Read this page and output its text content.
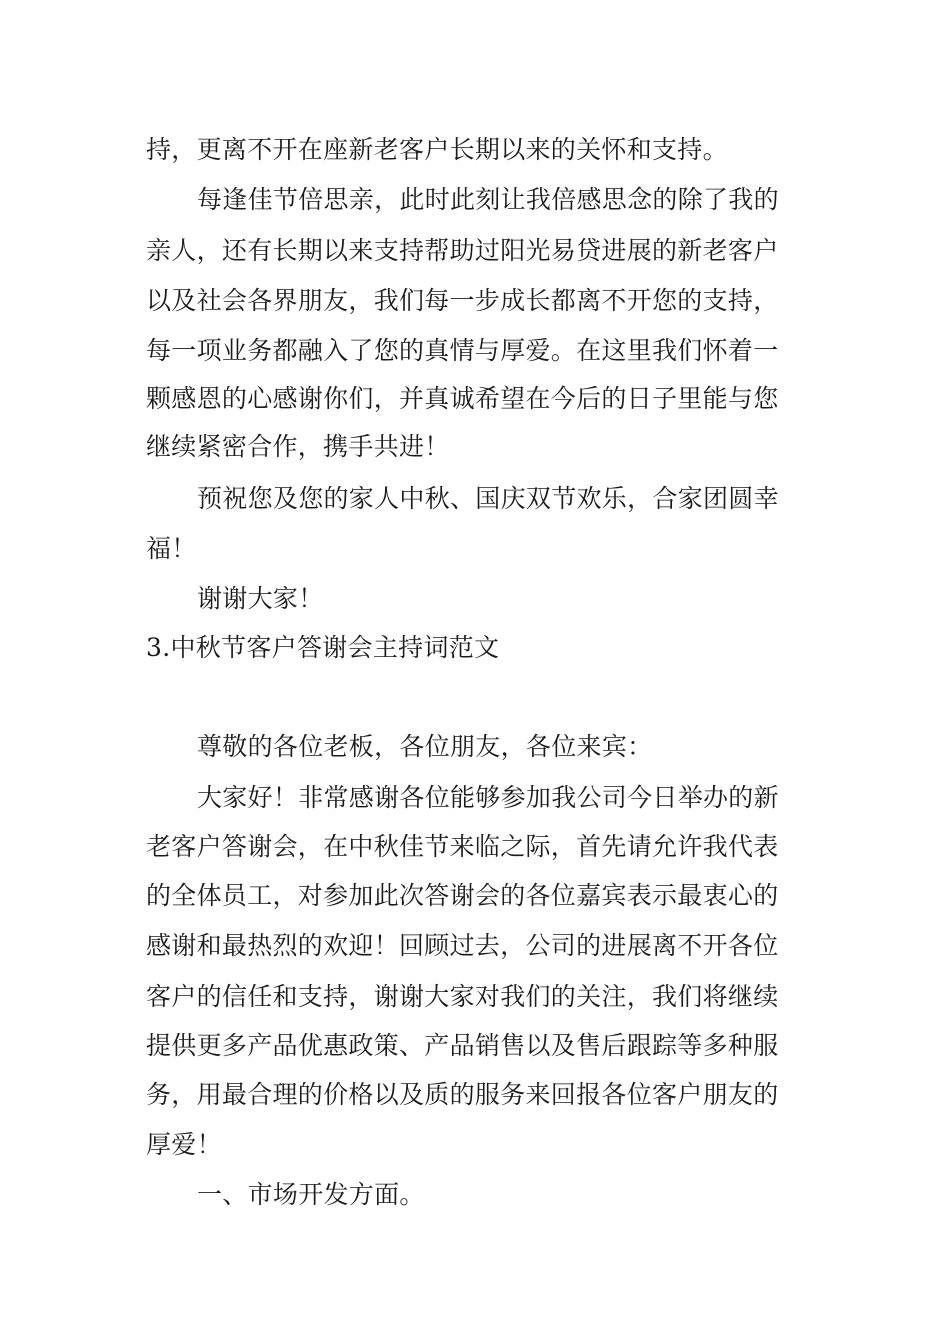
持，更离不开在座新老客户长期以来的关怀和支持。
每逢佳节倍思亲，此时此刻让我倍感思念的除了我的
亲人，还有长期以来支持帮助过阳光易贷进展的新老客户
以及社会各界朋友，我们每一步成长都离不开您的支持，
每一项业务都融入了您的真情与厚爱。在这里我们怀着一
颗感恩的心感谢你们，并真诚希望在今后的日子里能与您
继续紧密合作，携手共进！
预祝您及您的家人中秋、国庆双节欢乐，合家团圆幸
福！
谢谢大家！
3.中秋节客户答谢会主持词范文
尊敬的各位老板，各位朋友，各位来宾：
大家好！非常感谢各位能够参加我公司今日举办的新
老客户答谢会，在中秋佳节来临之际，首先请允许我代表
的全体员工，对参加此次答谢会的各位嘉宾表示最衷心的
感谢和最热烈的欢迎！回顾过去，公司的进展离不开各位
客户的信任和支持，谢谢大家对我们的关注，我们将继续
提供更多产品优惠政策、产品销售以及售后跟踪等多种服
务，用最合理的价格以及质的服务来回报各位客户朋友的
厚爱！
一、市场开发方面。
